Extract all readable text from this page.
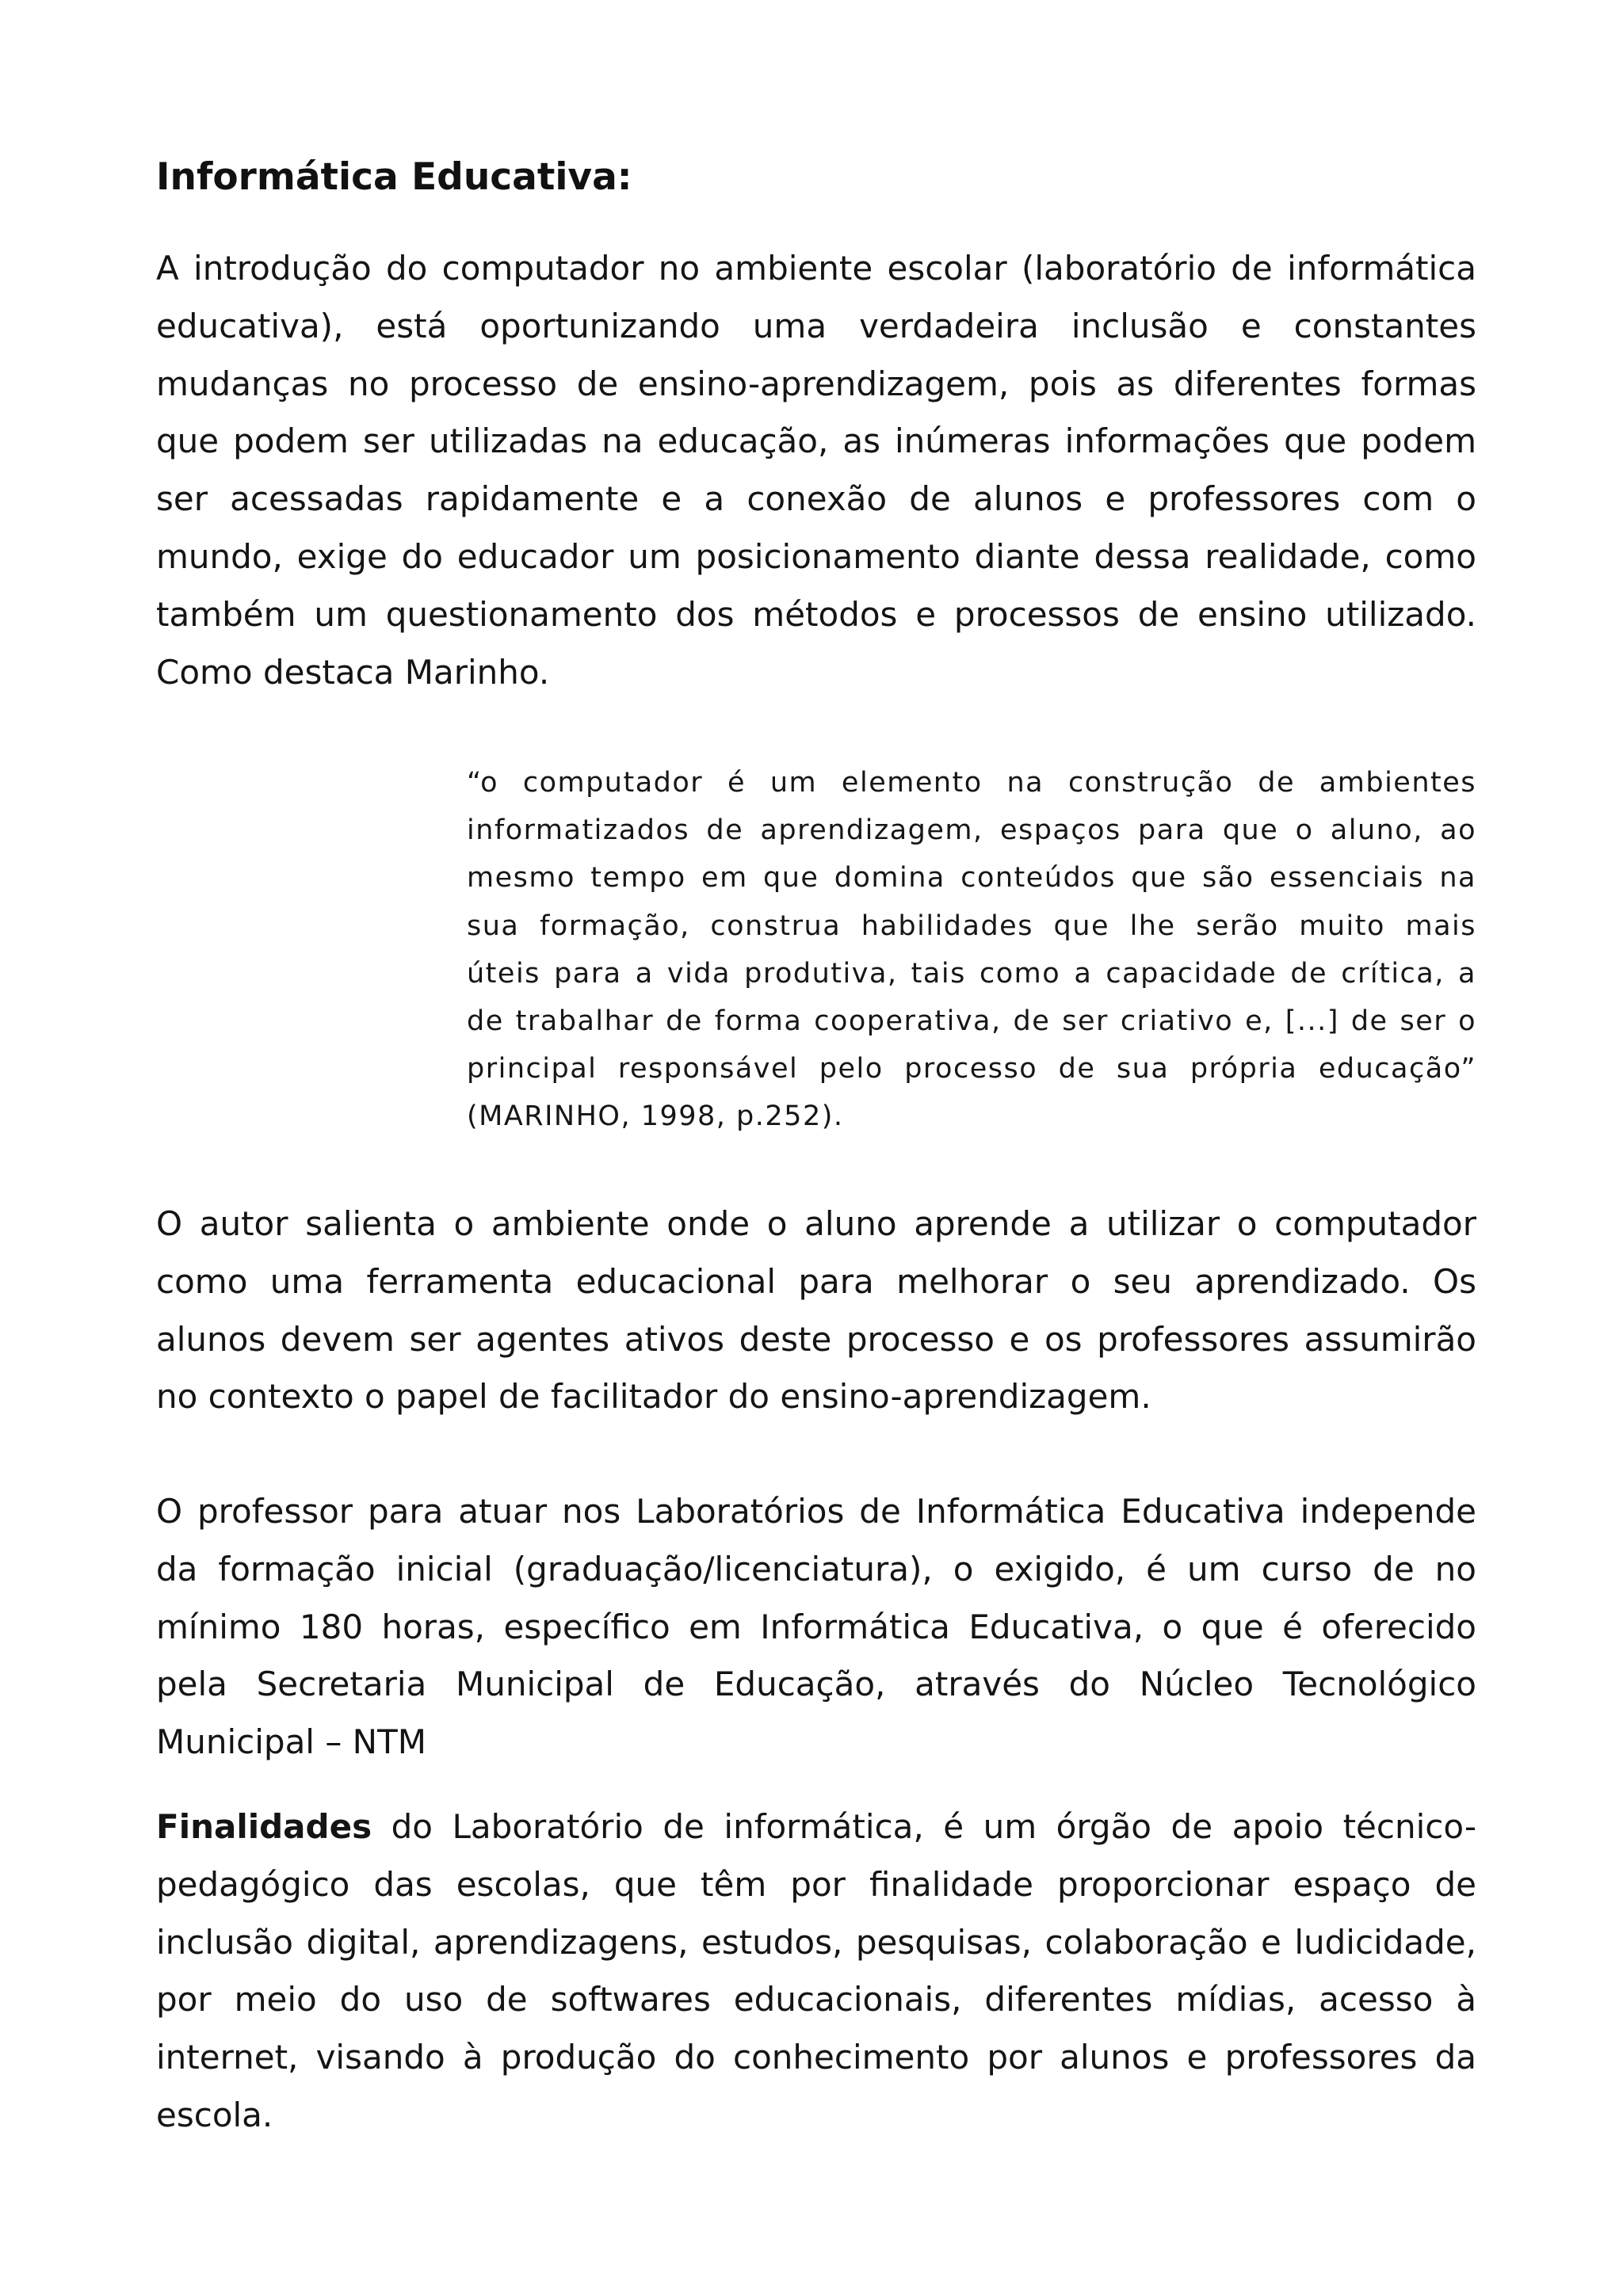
Informática Educativa:

A introdução do computador no ambiente escolar (laboratório de informática educativa), está oportunizando uma verdadeira inclusão e constantes mudanças no processo de ensino-aprendizagem, pois as diferentes formas que podem ser utilizadas na educação, as inúmeras informações que podem ser acessadas rapidamente e a conexão de alunos e professores com o mundo, exige do educador um posicionamento diante dessa realidade, como também um questionamento dos métodos e processos de ensino utilizado. Como destaca Marinho.

“o computador é um elemento na construção de ambientes informatizados de aprendizagem, espaços para que o aluno, ao mesmo tempo em que domina conteúdos que são essenciais na sua formação, construa habilidades que lhe serão muito mais úteis para a vida produtiva, tais como a capacidade de crítica, a de trabalhar de forma cooperativa, de ser criativo e, [...] de ser o principal responsável pelo processo de sua própria educação” (MARINHO, 1998, p.252).

O autor salienta o ambiente onde o aluno aprende a utilizar o computador como uma ferramenta educacional para melhorar o seu aprendizado. Os alunos devem ser agentes ativos deste processo e os professores assumirão no contexto o papel de facilitador do ensino-aprendizagem.

O professor para atuar nos Laboratórios de Informática Educativa independe da formação inicial (graduação/licenciatura), o exigido, é um curso de no mínimo 180 horas, específico em Informática Educativa, o que é oferecido pela Secretaria Municipal de Educação, através do Núcleo Tecnológico Municipal – NTM

Finalidades do Laboratório de informática, é um órgão de apoio técnico-pedagógico das escolas, que têm por finalidade proporcionar espaço de inclusão digital, aprendizagens, estudos, pesquisas, colaboração e ludicidade, por meio do uso de softwares educacionais, diferentes mídias, acesso à internet, visando à produção do conhecimento por alunos e professores da escola.
